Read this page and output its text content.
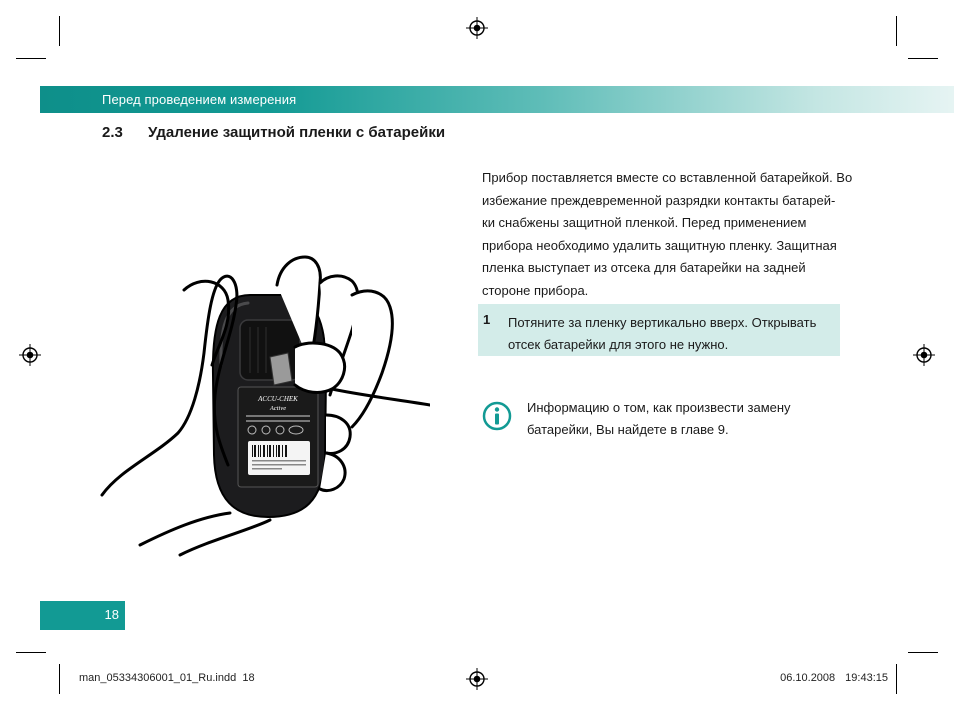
Перед проведением измерения
2.3 Удаление защитной пленки с батарейки
ACCU-CHEK
Active

Прибор поставляется вместе со вставленной батарейкой. Во
избежание преждевременной разрядки контакты батарей-
ки снабжены защитной пленкой. Перед применением
прибора необходимо удалить защитную пленку. Защитная
пленка выступает из отсека для батарейки на задней
стороне прибора.

1 Потяните за пленку вертикально вверх. Открывать
отсек батарейки для этого не нужно.

Информацию о том, как произвести замену
батарейки, Вы найдете в главе 9.

18
man_05334306001_01_Ru.indd 18	06.10.2008 19:43:15
